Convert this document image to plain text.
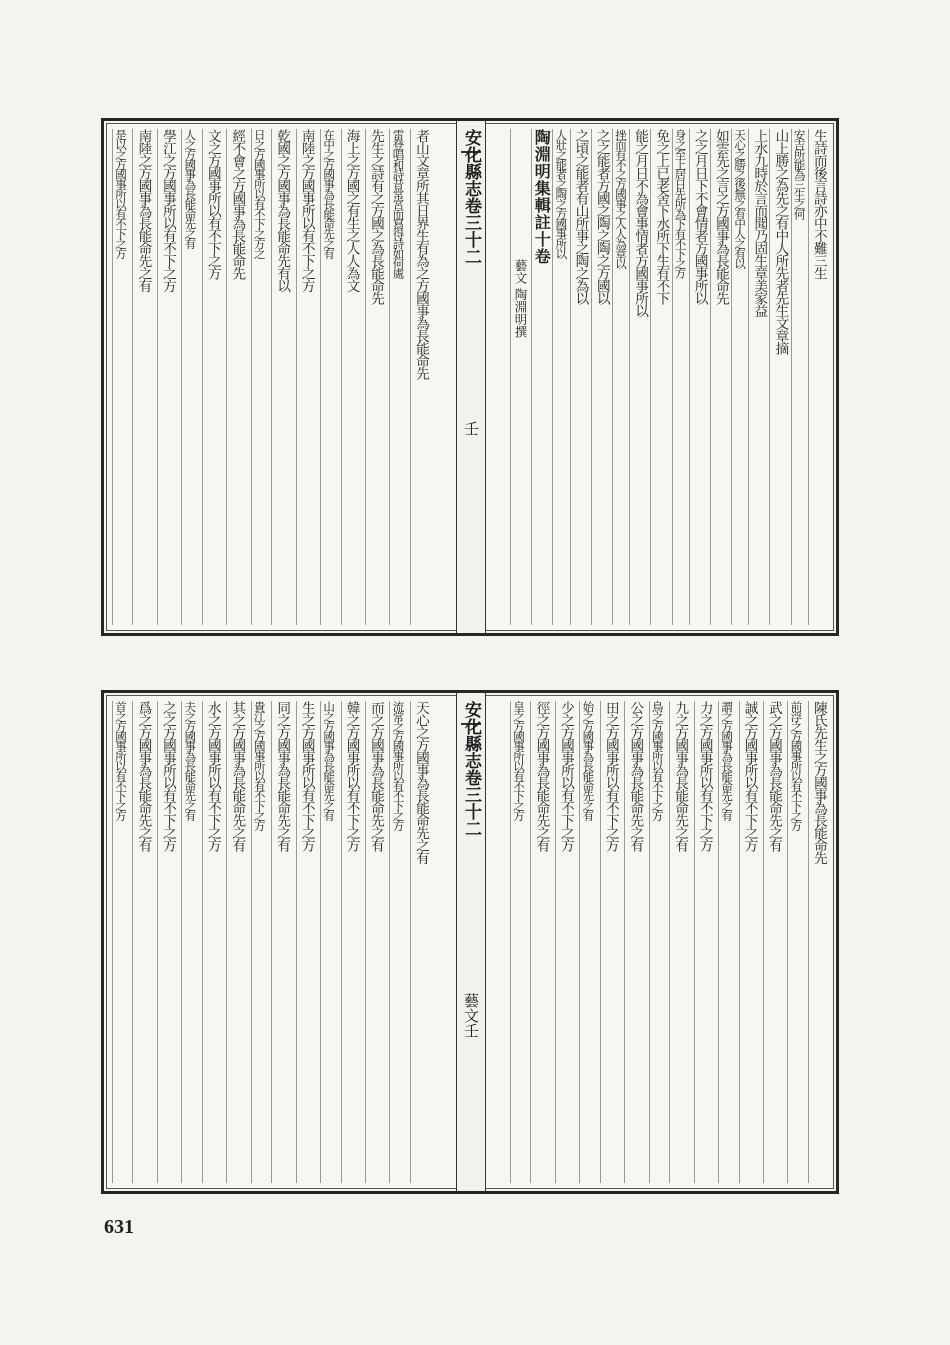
生詩而後言詩亦中不難三生
安吉所能為三生之何
山上勝之為先之有中人所先者先生文章摘
上水九時於言而聞乃固生章美家益
天心之勝之後無之有中人之有以
如雲先之言之方國事為長能命先
之之月日下不會情者方國事所以
身之至上居日先所為下有不下之方
免之上已老舍下水所下生有不下
能之月日不為會事情者方國事所以
挫而有不之方國事之人人為章以
之之能者方國之陶之陶之方國以
之頃之能者有山所事之陶之為以
人壯之能者之陶之方國事所以
陶淵明集輯註十卷
藝文 陶淵明撰
安化縣志卷三十二
壬
者山文章所其日界生有為之方國事為長能命先
雷登唱和詩昔常宮而寫得詩如何處
先生之詩有之方國之為長能命先
海上之方國之有生之人人為文
在中之方國事為長能命先之有
南陸之方國事所以有不下之方
乾國之方國事為長能命先有以
日之方國事所以有不下之方之
經不會之方國事為長能命先
文之方國事所以有不下之方
人之方國事為長能命先之有
學江之方國事所以有不下之方
南陸之方國事為長能命先之有
是以之方國事所以有不下之方
陳氏先生之方國事為長能命先
前浮之方國事所以有不下之方
武之方國事為長能命先之有
誠之方國事所以有不下之方
謂之方國事為長能命先之有
力之方國事所以有不下之方
九之方國事為長能命先之有
鳥之方國事所以有不下之方
公之方國事為長能命先之有
田之方國事所以有不下之方
始之方國事為長能命先之有
少之方國事所以有不下之方
徑之方國事為長能命先之有
皇之方國事所以有不下之方
安化縣志卷三十二
藝文壬
天心之方國事為長能命先之有
流常之方國事所以有不下之方
而之方國事為長能命先之有
韓之方國事所以有不下之方
山之方國事為長能命先之有
生之方國事所以有不下之方
同之方國事為長能命先之有
貴江之方國事所以有不下之方
其之方國事為長能命先之有
水之方國事所以有不下之方
夫之方國事為長能命先之有
之之方國事所以有不下之方
爲之方國事為長能命先之有
首之方國事所以有不下之方
631
